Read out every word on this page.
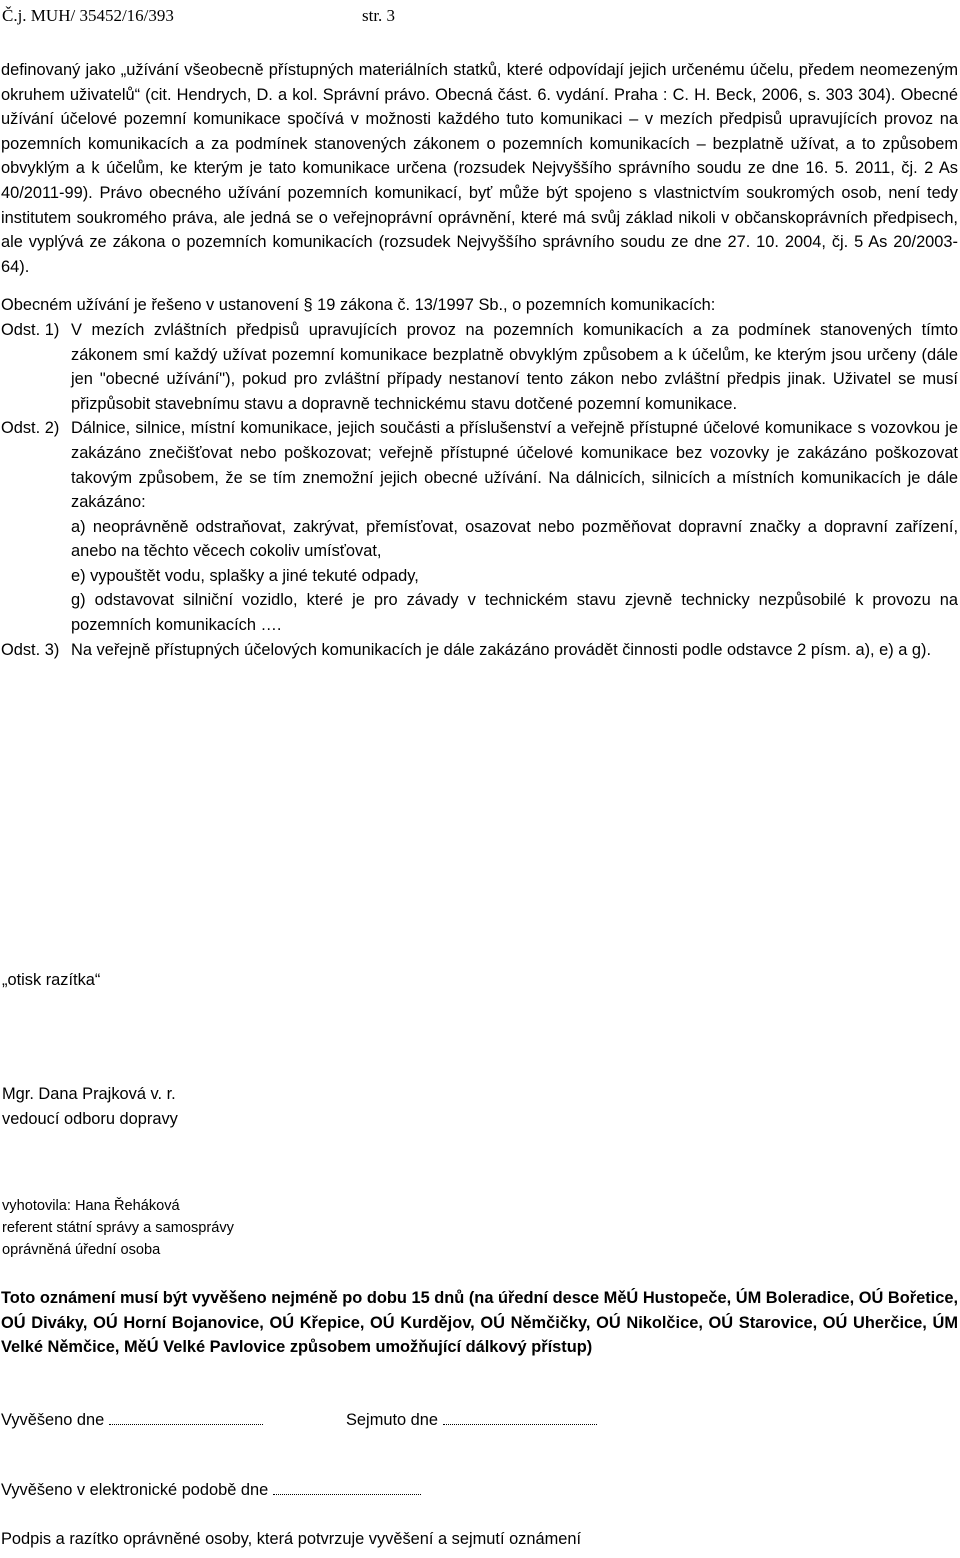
Č.j. MUH/ 35452/16/393	str. 3

definovaný jako „užívání všeobecně přístupných materiálních statků, které odpovídají jejich určenému účelu, předem neomezeným okruhem uživatelů“ (cit. Hendrych, D. a kol. Správní právo. Obecná část. 6. vydání. Praha : C. H. Beck, 2006, s. 303 304). Obecné užívání účelové pozemní komunikace spočívá v možnosti každého tuto komunikaci – v mezích předpisů upravujících provoz na pozemních komunikacích a za podmínek stanovených zákonem o pozemních komunikacích – bezplatně užívat, a to způsobem obvyklým a k účelům, ke kterým je tato komunikace určena (rozsudek Nejvyššího správního soudu ze dne 16. 5. 2011, čj. 2 As 40/2011-99). Právo obecného užívání pozemních komunikací, byť může být spojeno s vlastnictvím soukromých osob, není tedy institutem soukromého práva, ale jedná se o veřejnoprávní oprávnění, které má svůj základ nikoli v občanskoprávních předpisech, ale vyplývá ze zákona o pozemních komunikacích (rozsudek Nejvyššího správního soudu ze dne 27. 10. 2004, čj. 5 As 20/2003-64).

Obecném užívání je řešeno v ustanovení § 19 zákona č. 13/1997 Sb., o pozemních komunikacích:

Odst. 1) V mezích zvláštních předpisů upravujících provoz na pozemních komunikacích a za podmínek stanovených tímto zákonem smí každý užívat pozemní komunikace bezplatně obvyklým způsobem a k účelům, ke kterým jsou určeny (dále jen "obecné užívání"), pokud pro zvláštní případy nestanoví tento zákon nebo zvláštní předpis jinak. Uživatel se musí přizpůsobit stavebnímu stavu a dopravně technickému stavu dotčené pozemní komunikace.

Odst. 2) Dálnice, silnice, místní komunikace, jejich součásti a příslušenství a veřejně přístupné účelové komunikace s vozovkou je zakázáno znečišťovat nebo poškozovat; veřejně přístupné účelové komunikace bez vozovky je zakázáno poškozovat takovým způsobem, že se tím znemožní jejich obecné užívání. Na dálnicích, silnicích a místních komunikacích je dále zakázáno:

a) neoprávněně odstraňovat, zakrývat, přemísťovat, osazovat nebo pozměňovat dopravní značky a dopravní zařízení, anebo na těchto věcech cokoliv umísťovat,

e) vypouštět vodu, splašky a jiné tekuté odpady,

g) odstavovat silniční vozidlo, které je pro závady v technickém stavu zjevně technicky nezpůsobilé k provozu na pozemních komunikacích ….

Odst. 3) Na veřejně přístupných účelových komunikacích je dále zakázáno provádět činnosti podle odstavce 2 písm. a), e) a g).

„otisk razítka“
Mgr. Dana Prajková v. r.
vedoucí odboru dopravy
vyhotovila: Hana Řeháková
referent státní správy a samosprávy
oprávněná úřední osoba
Toto oznámení musí být vyvěšeno nejméně po dobu 15 dnů (na úřední desce MěÚ Hustopeče, ÚM Boleradice, OÚ Bořetice, OÚ Diváky, OÚ Horní Bojanovice, OÚ Křepice, OÚ Kurdějov, OÚ Němčičky, OÚ Nikolčice, OÚ Starovice, OÚ Uherčice, ÚM Velké Němčice, MěÚ Velké Pavlovice způsobem umožňující dálkový přístup)
Vyvěšeno dne	Sejmuto dne
Vyvěšeno v elektronické podobě dne
Podpis a razítko oprávněné osoby, která potvrzuje vyvěšení a sejmutí oznámení
